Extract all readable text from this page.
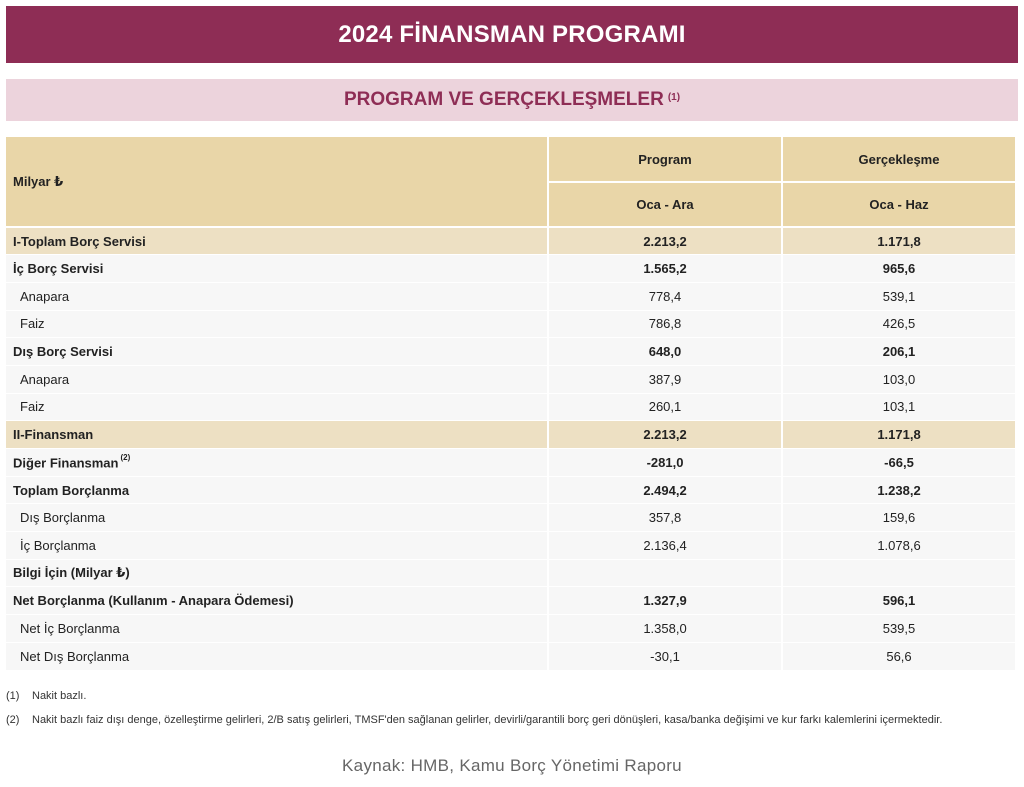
2024 FİNANSMAN PROGRAMI
PROGRAM VE GERÇEKLEŞMELER $^{(1)}$
Milyar ₺	Program	Gerçekleşme
	Oca - Ara	Oca - Haz
I-Toplam Borç Servisi	2.213,2	1.171,8
İç Borç Servisi	1.565,2	965,6
Anapara	778,4	539,1
Faiz	786,8	426,5
Dış Borç Servisi	648,0	206,1
Anapara	387,9	103,0
Faiz	260,1	103,1
II-Finansman	2.213,2	1.171,8
Diğer Finansman $^{(2)}$	-281,0	-66,5
Toplam Borçlanma	2.494,2	1.238,2
Dış Borçlanma	357,8	159,6
İç Borçlanma	2.136,4	1.078,6
Bilgi İçin (Milyar ₺)		
Net Borçlanma (Kullanım - Anapara Ödemesi)	1.327,9	596,1
Net İç Borçlanma	1.358,0	539,5
Net Dış Borçlanma	-30,1	56,6
(1)	Nakit bazlı.
(2)	Nakit bazlı faiz dışı denge, özelleştirme gelirleri, 2/B satış gelirleri, TMSF'den sağlanan gelirler, devirli/garantili borç geri dönüşleri, kasa/banka değişimi ve kur farkı kalemlerini içermektedir.
Kaynak: HMB, Kamu Borç Yönetimi Raporu
